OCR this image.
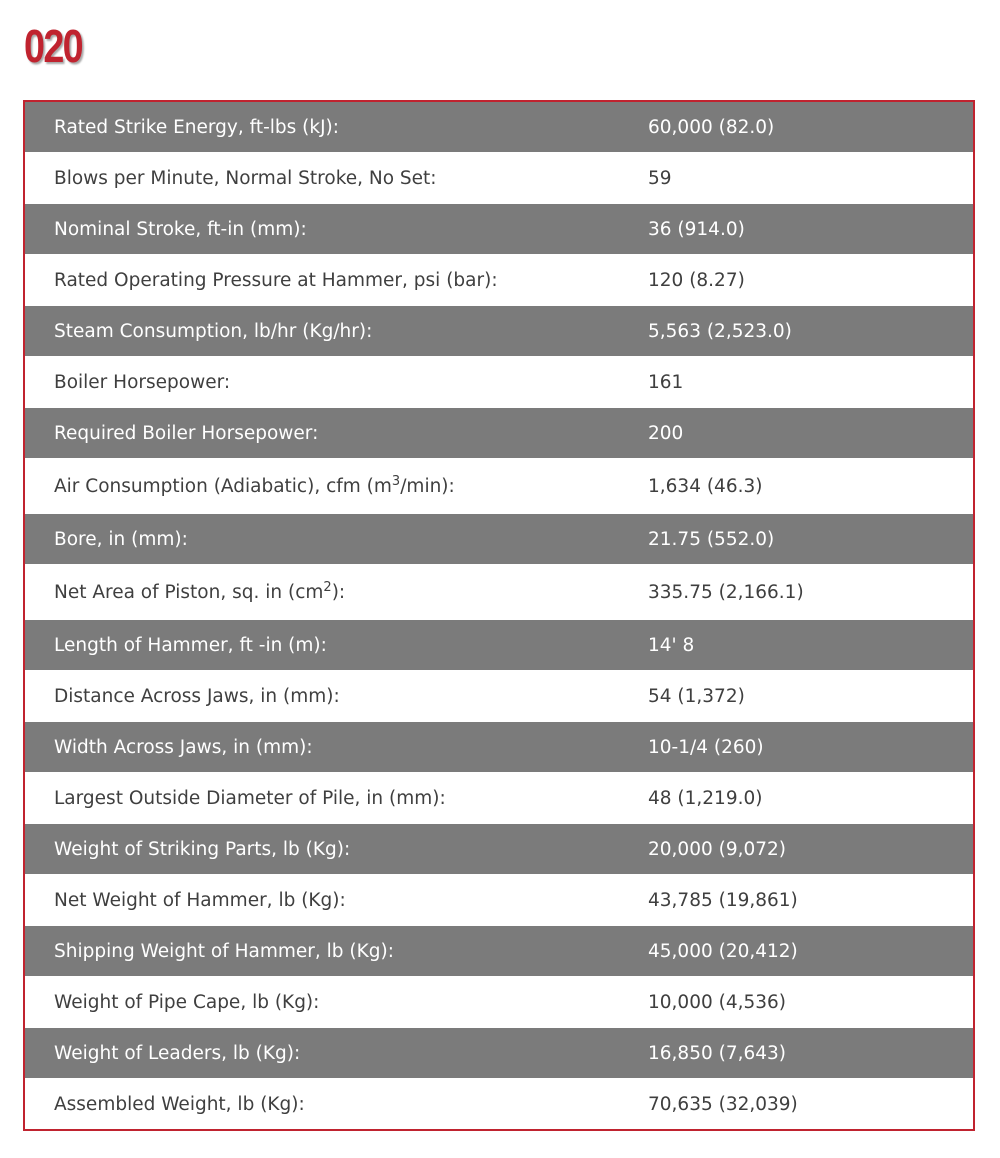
020
Rated Strike Energy, ft-lbs (kJ):	60,000 (82.0)
Blows per Minute, Normal Stroke, No Set:	59
Nominal Stroke, ft-in (mm):	36 (914.0)
Rated Operating Pressure at Hammer, psi (bar):	120 (8.27)
Steam Consumption, lb/hr (Kg/hr):	5,563 (2,523.0)
Boiler Horsepower:	161
Required Boiler Horsepower:	200
Air Consumption (Adiabatic), cfm $(m^3/\min)$:	1,634 (46.3)
Bore, in (mm):	21.75 (552.0)
Net Area of Piston, sq. in $(cm^2)$:	335.75 (2,166.1)
Length of Hammer, ft -in (m):	14' 8
Distance Across Jaws, in (mm):	54 (1,372)
Width Across Jaws, in (mm):	10-1/4 (260)
Largest Outside Diameter of Pile, in (mm):	48 (1,219.0)
Weight of Striking Parts, lb (Kg):	20,000 (9,072)
Net Weight of Hammer, lb (Kg):	43,785 (19,861)
Shipping Weight of Hammer, lb (Kg):	45,000 (20,412)
Weight of Pipe Cape, lb (Kg):	10,000 (4,536)
Weight of Leaders, lb (Kg):	16,850 (7,643)
Assembled Weight, lb (Kg):	70,635 (32,039)
